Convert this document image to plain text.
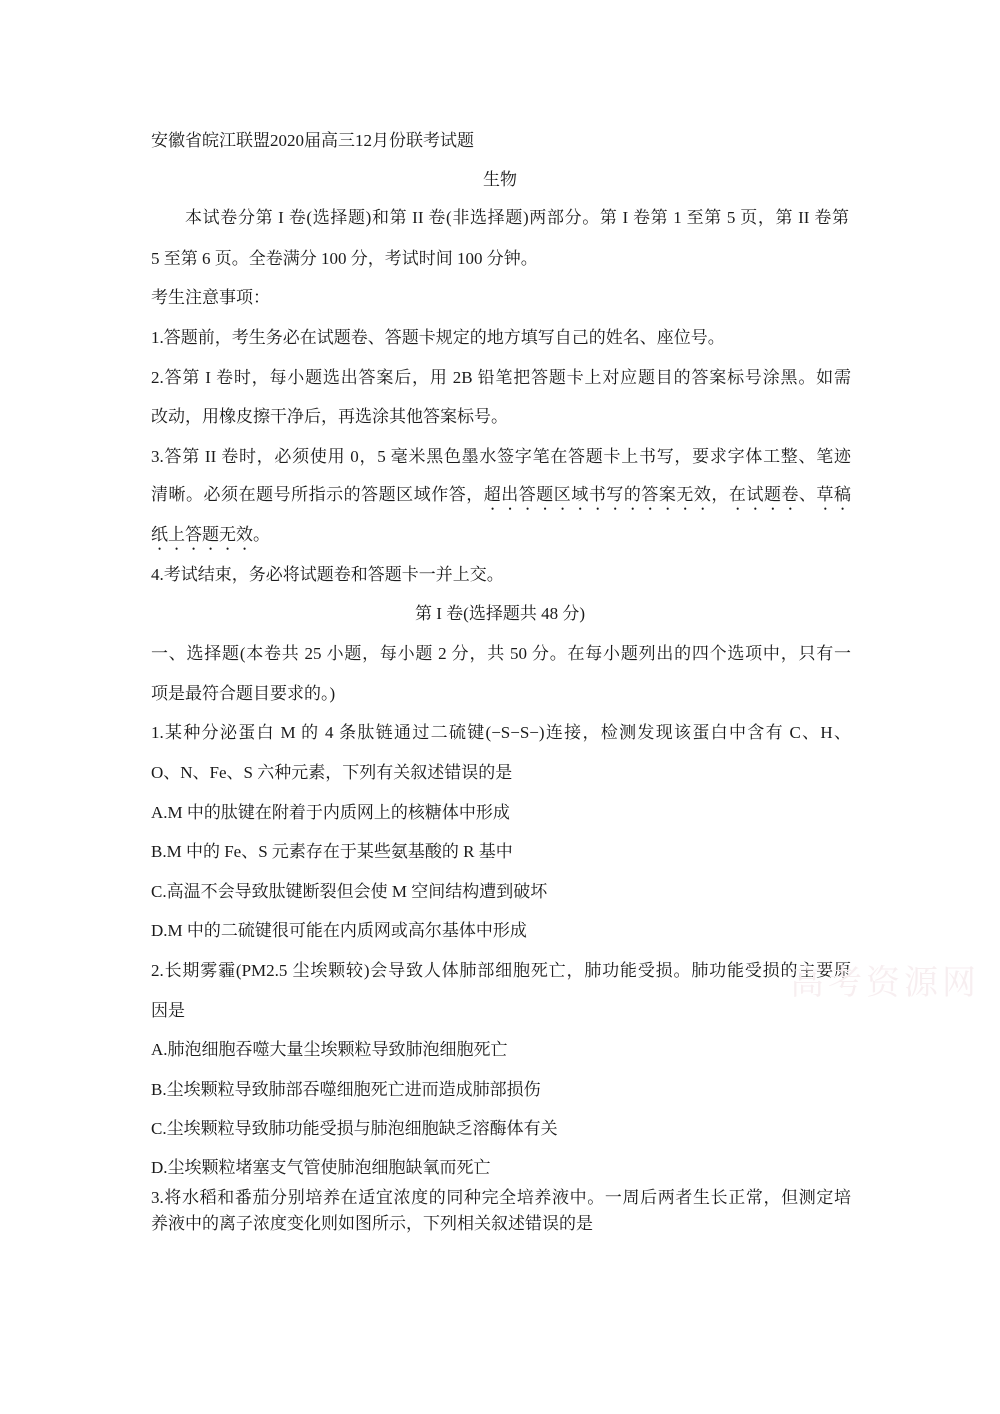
安徽省皖江联盟2020届高三12月份联考试题
生物
本试卷分第 I 卷(选择题)和第 II 卷(非选择题)两部分。第 I 卷第 1 至第 5 页，第 II 卷第
5 至第 6 页。全卷满分 100 分，考试时间 100 分钟。
考生注意事项：
1.答题前，考生务必在试题卷、答题卡规定的地方填写自己的姓名、座位号。
2.答第 I 卷时，每小题选出答案后，用 2B 铅笔把答题卡上对应题目的答案标号涂黑。如需
改动，用橡皮擦干净后，再选涂其他答案标号。
3.答第 II 卷时，必须使用 0，5 毫米黑色墨水签字笔在答题卡上书写，要求字体工整、笔迹
清晰。必须在题号所指示的答题区域作答，超出答题区域书写的答案无效，在试题卷、草稿
纸上答题无效。
4.考试结束，务必将试题卷和答题卡一并上交。
第 I 卷(选择题共 48 分)
一、选择题(本卷共 25 小题，每小题 2 分，共 50 分。在每小题列出的四个选项中，只有一
项是最符合题目要求的。)
1.某种分泌蛋白 M 的 4 条肽链通过二硫键(−S−S−)连接，检测发现该蛋白中含有 C、H、
O、N、Fe、S 六种元素，下列有关叙述错误的是
A.M 中的肽键在附着于内质网上的核糖体中形成
B.M 中的 Fe、S 元素存在于某些氨基酸的 R 基中
C.高温不会导致肽键断裂但会使 M 空间结构遭到破坏
D.M 中的二硫键很可能在内质网或高尔基体中形成
2.长期雾霾(PM2.5 尘埃颗较)会导致人体肺部细胞死亡，肺功能受损。肺功能受损的主要原
因是
A.肺泡细胞吞噬大量尘埃颗粒导致肺泡细胞死亡
B.尘埃颗粒导致肺部吞噬细胞死亡进而造成肺部损伤
C.尘埃颗粒导致肺功能受损与肺泡细胞缺乏溶酶体有关
D.尘埃颗粒堵塞支气管使肺泡细胞缺氧而死亡
3.将水稻和番茄分别培养在适宜浓度的同种完全培养液中。一周后两者生长正常，但测定培
养液中的离子浓度变化则如图所示，下列相关叙述错误的是
高考资源网
